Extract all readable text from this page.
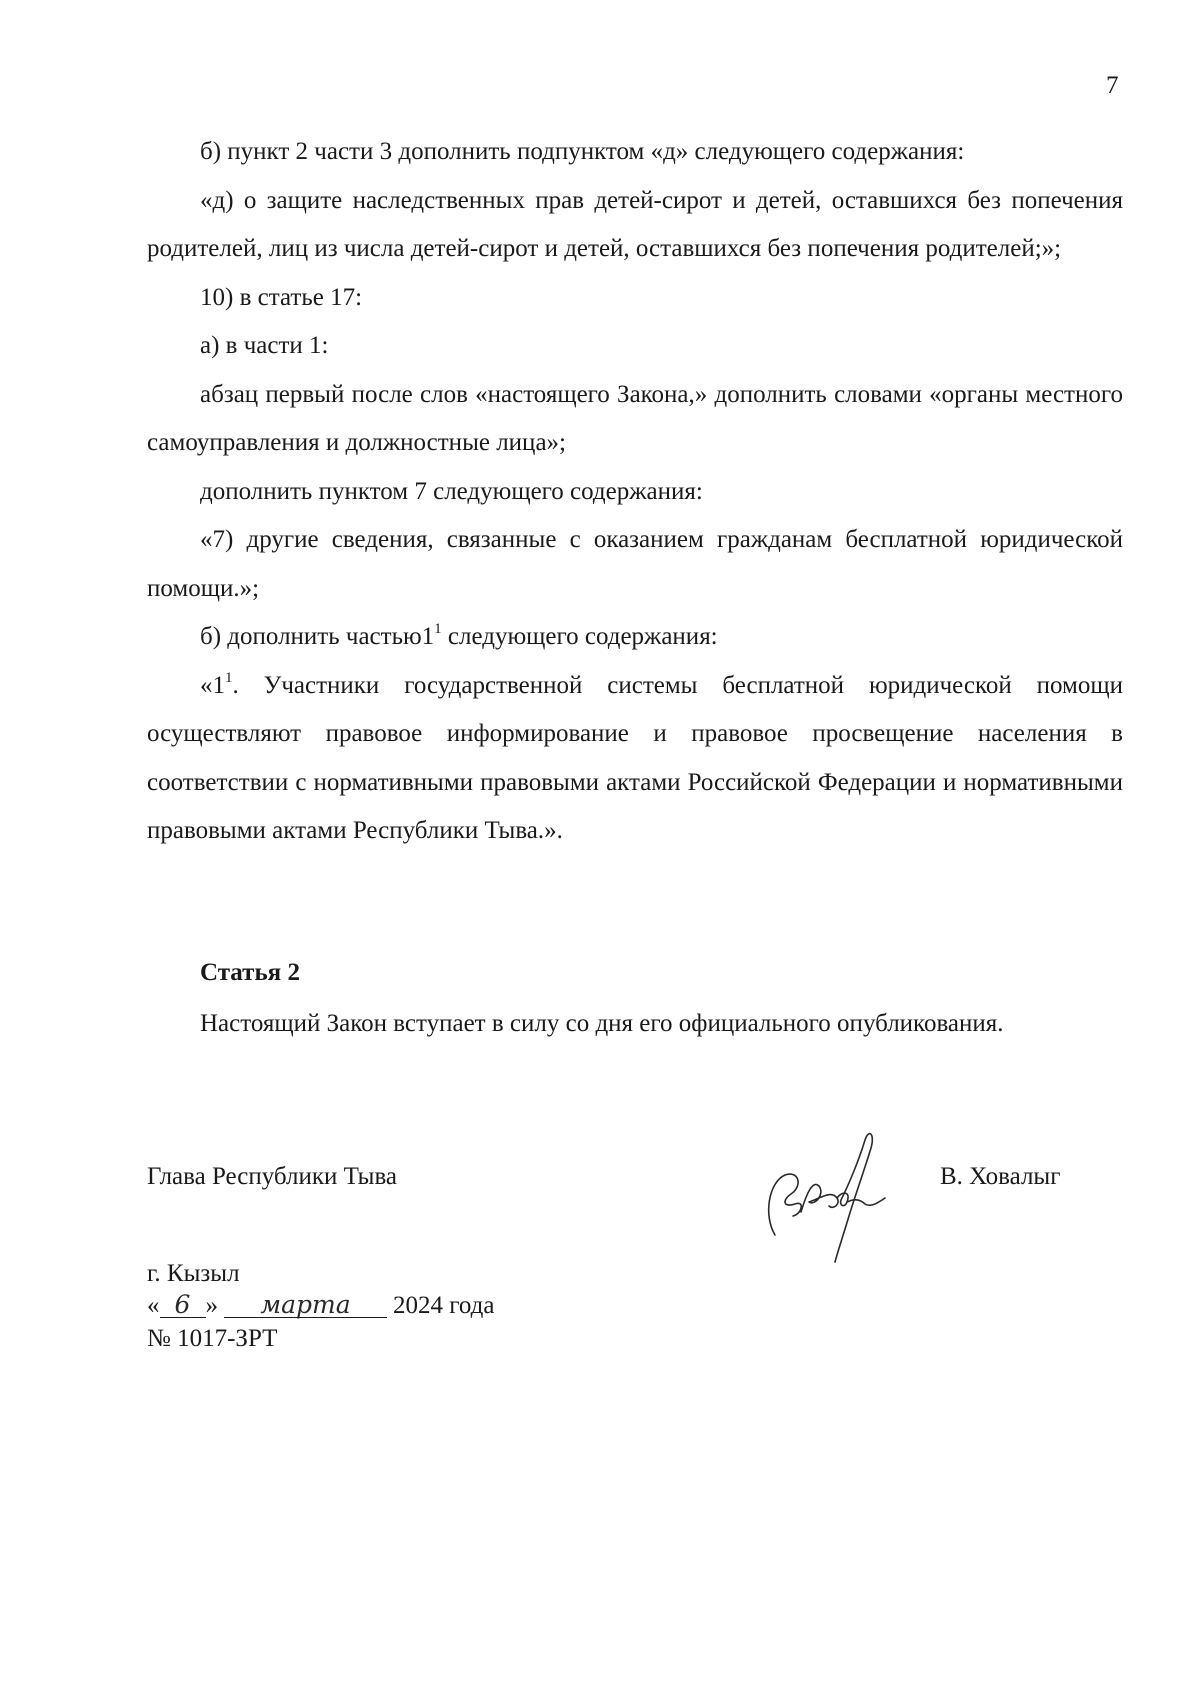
7

б) пункт 2 части 3 дополнить подпунктом «д» следующего содержания:

«д) о защите наследственных прав детей-сирот и детей, оставшихся без попечения родителей, лиц из числа детей-сирот и детей, оставшихся без попечения родителей;»;

10) в статье 17:

а) в части 1:

абзац первый после слов «настоящего Закона,» дополнить словами «органы местного самоуправления и должностные лица»;

дополнить пунктом 7 следующего содержания:

«7) другие сведения, связанные с оказанием гражданам бесплатной юридической помощи.»;

б) дополнить $частью1^1$ следующего содержания:

«$1^1$. Участники государственной системы бесплатной юридической помощи осуществляют правовое информирование и правовое просвещение населения в соответствии с нормативными правовыми актами Российской Федерации и нормативными правовыми актами Республики Тыва.».

Статья 2
Настоящий Закон вступает в силу со дня его официального опубликования.
Глава Республики Тыва	В. Ховалыг
г. Кызыл
« 6 » марта 2024 года
№ 1017-ЗРТ
